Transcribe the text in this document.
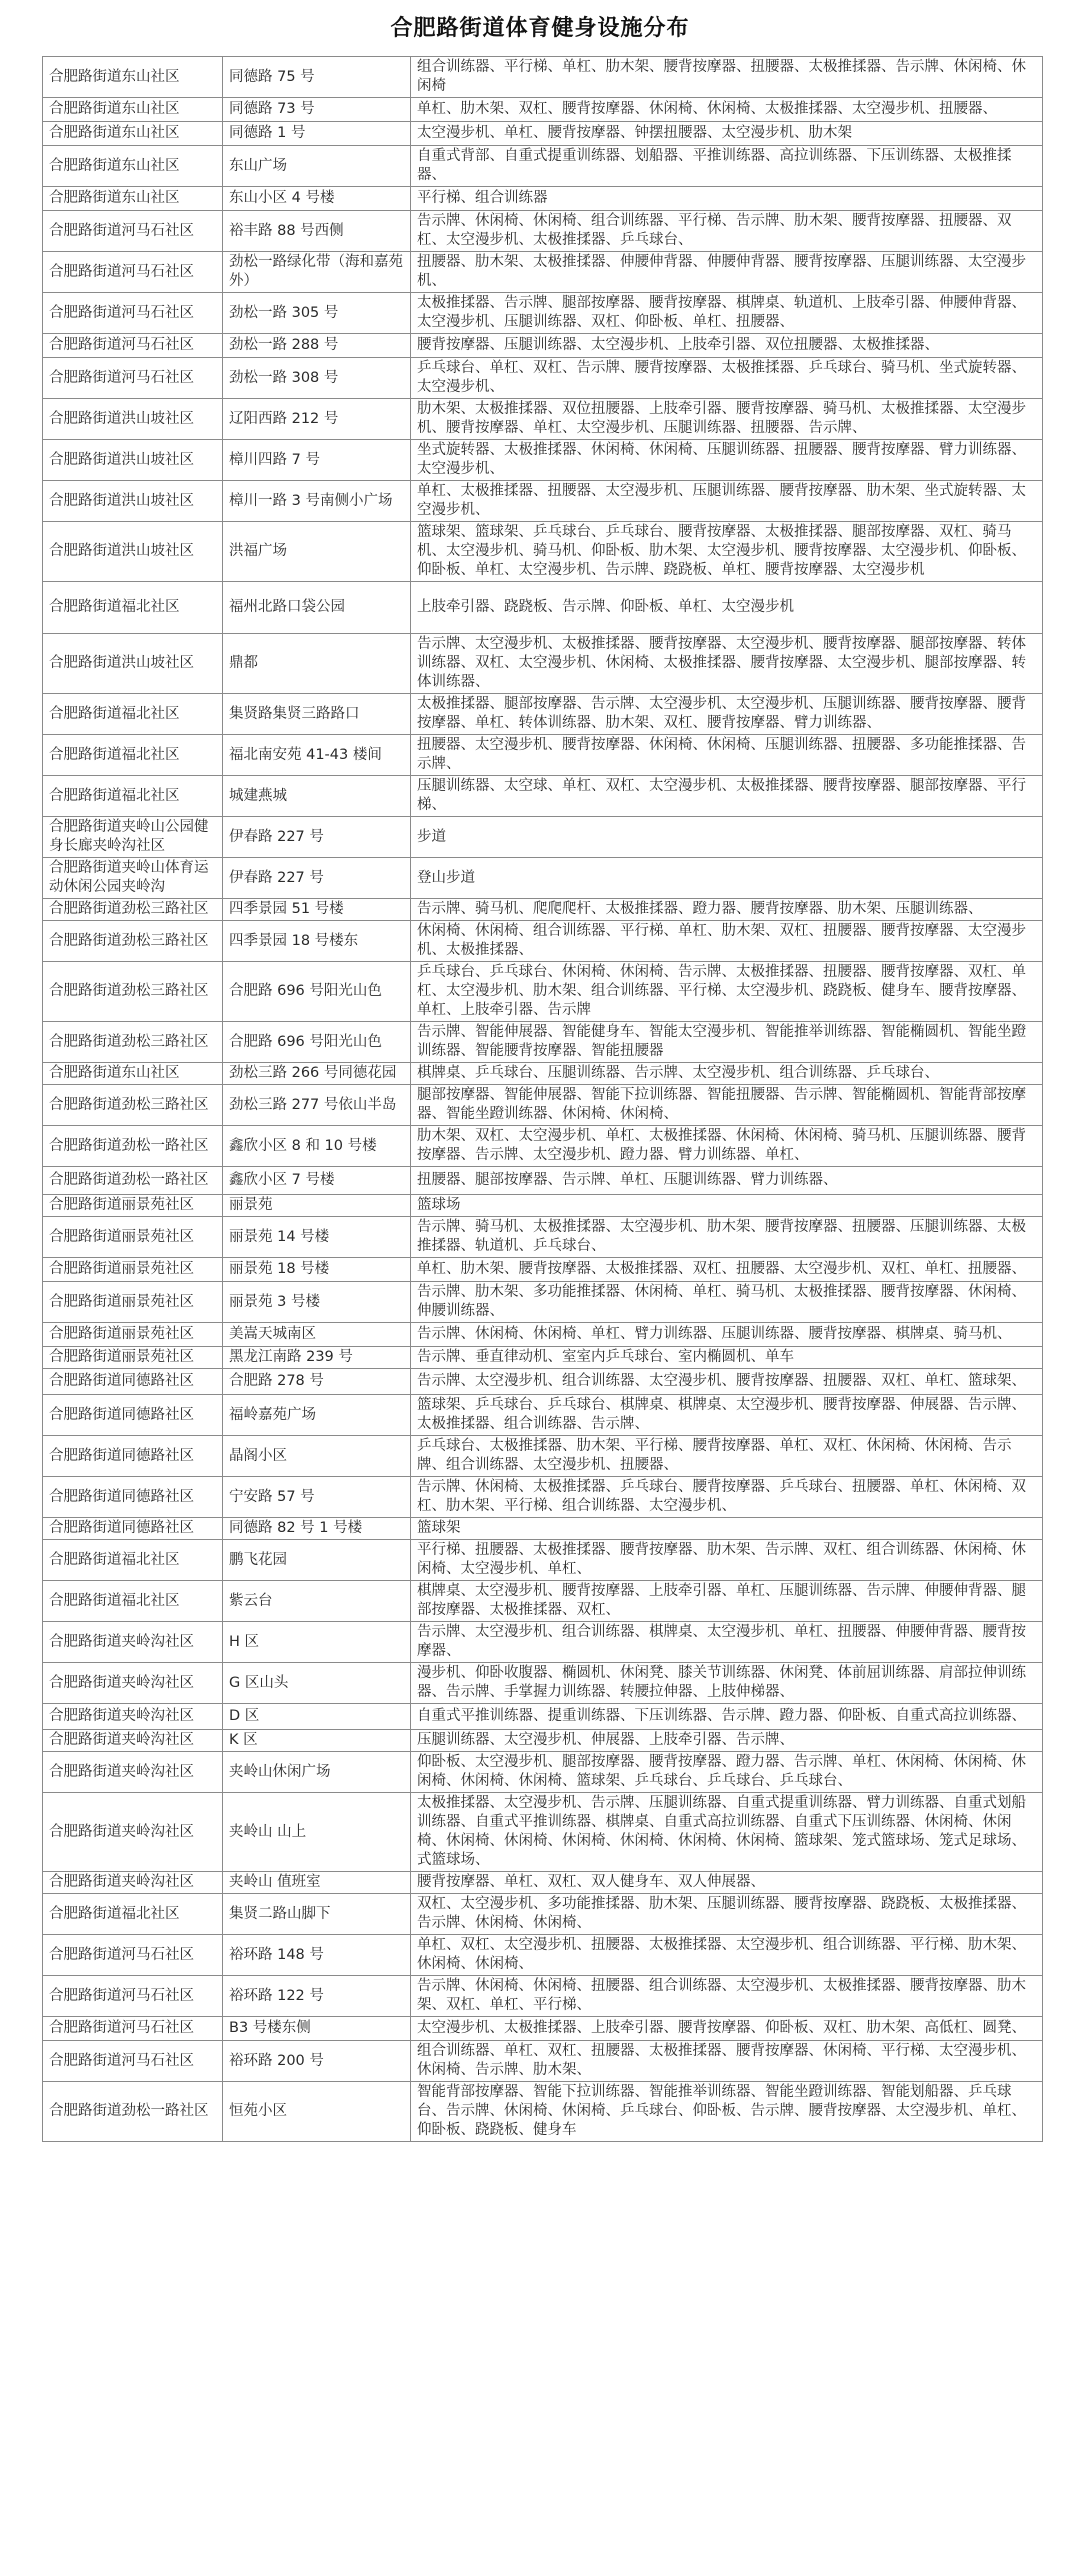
合肥路街道体育健身设施分布
合肥路街道东山社区	同德路 75 号	组合训练器、平行梯、单杠、肋木架、腰背按摩器、扭腰器、太极推揉器、告示牌、休闲椅、休闲椅
合肥路街道东山社区	同德路 73 号	单杠、肋木架、双杠、腰背按摩器、休闲椅、休闲椅、太极推揉器、太空漫步机、扭腰器、
合肥路街道东山社区	同德路 1 号	太空漫步机、单杠、腰背按摩器、钟摆扭腰器、太空漫步机、肋木架
合肥路街道东山社区	东山广场	自重式背部、自重式提重训练器、划船器、平推训练器、高拉训练器、下压训练器、太极推揉器、
合肥路街道东山社区	东山小区 4 号楼	平行梯、组合训练器
合肥路街道河马石社区	裕丰路 88 号西侧	告示牌、休闲椅、休闲椅、组合训练器、平行梯、告示牌、肋木架、腰背按摩器、扭腰器、双杠、太空漫步机、太极推揉器、乒乓球台、
合肥路街道河马石社区	劲松一路绿化带（海和嘉苑外）	扭腰器、肋木架、太极推揉器、伸腰伸背器、伸腰伸背器、腰背按摩器、压腿训练器、太空漫步机、
合肥路街道河马石社区	劲松一路 305 号	太极推揉器、告示牌、腿部按摩器、腰背按摩器、棋牌桌、轨道机、上肢牵引器、伸腰伸背器、太空漫步机、压腿训练器、双杠、仰卧板、单杠、扭腰器、
合肥路街道河马石社区	劲松一路 288 号	腰背按摩器、压腿训练器、太空漫步机、上肢牵引器、双位扭腰器、太极推揉器、
合肥路街道河马石社区	劲松一路 308 号	乒乓球台、单杠、双杠、告示牌、腰背按摩器、太极推揉器、乒乓球台、骑马机、坐式旋转器、太空漫步机、
合肥路街道洪山坡社区	辽阳西路 212 号	肋木架、太极推揉器、双位扭腰器、上肢牵引器、腰背按摩器、骑马机、太极推揉器、太空漫步机、腰背按摩器、单杠、太空漫步机、压腿训练器、扭腰器、告示牌、
合肥路街道洪山坡社区	樟川四路 7 号	坐式旋转器、太极推揉器、休闲椅、休闲椅、压腿训练器、扭腰器、腰背按摩器、臂力训练器、太空漫步机、
合肥路街道洪山坡社区	樟川一路 3 号南侧小广场	单杠、太极推揉器、扭腰器、太空漫步机、压腿训练器、腰背按摩器、肋木架、坐式旋转器、太空漫步机、
合肥路街道洪山坡社区	洪福广场	篮球架、篮球架、乒乓球台、乒乓球台、腰背按摩器、太极推揉器、腿部按摩器、双杠、骑马机、太空漫步机、骑马机、仰卧板、肋木架、太空漫步机、腰背按摩器、太空漫步机、仰卧板、仰卧板、单杠、太空漫步机、告示牌、跷跷板、单杠、腰背按摩器、太空漫步机
合肥路街道福北社区	福州北路口袋公园	上肢牵引器、跷跷板、告示牌、仰卧板、单杠、太空漫步机
合肥路街道洪山坡社区	鼎都	告示牌、太空漫步机、太极推揉器、腰背按摩器、太空漫步机、腰背按摩器、腿部按摩器、转体训练器、双杠、太空漫步机、休闲椅、太极推揉器、腰背按摩器、太空漫步机、腿部按摩器、转体训练器、
合肥路街道福北社区	集贤路集贤三路路口	太极推揉器、腿部按摩器、告示牌、太空漫步机、太空漫步机、压腿训练器、腰背按摩器、腰背按摩器、单杠、转体训练器、肋木架、双杠、腰背按摩器、臂力训练器、
合肥路街道福北社区	福北南安苑 41-43 楼间	扭腰器、太空漫步机、腰背按摩器、休闲椅、休闲椅、压腿训练器、扭腰器、多功能推揉器、告示牌、
合肥路街道福北社区	城建燕城	压腿训练器、太空球、单杠、双杠、太空漫步机、太极推揉器、腰背按摩器、腿部按摩器、平行梯、
合肥路街道夹岭山公园健身长廊夹岭沟社区	伊春路 227 号	步道
合肥路街道夹岭山体育运动休闲公园夹岭沟	伊春路 227 号	登山步道
合肥路街道劲松三路社区	四季景园 51 号楼	告示牌、骑马机、爬爬爬杆、太极推揉器、蹬力器、腰背按摩器、肋木架、压腿训练器、
合肥路街道劲松三路社区	四季景园 18 号楼东	休闲椅、休闲椅、组合训练器、平行梯、单杠、肋木架、双杠、扭腰器、腰背按摩器、太空漫步机、太极推揉器、
合肥路街道劲松三路社区	合肥路 696 号阳光山色	乒乓球台、乒乓球台、休闲椅、休闲椅、告示牌、太极推揉器、扭腰器、腰背按摩器、双杠、单杠、太空漫步机、肋木架、组合训练器、平行梯、太空漫步机、跷跷板、健身车、腰背按摩器、单杠、上肢牵引器、告示牌
合肥路街道劲松三路社区	合肥路 696 号阳光山色	告示牌、智能伸展器、智能健身车、智能太空漫步机、智能推举训练器、智能椭圆机、智能坐蹬训练器、智能腰背按摩器、智能扭腰器
合肥路街道东山社区	劲松三路 266 号同德花园	棋牌桌、乒乓球台、压腿训练器、告示牌、太空漫步机、组合训练器、乒乓球台、
合肥路街道劲松三路社区	劲松三路 277 号依山半岛	腿部按摩器、智能伸展器、智能下拉训练器、智能扭腰器、告示牌、智能椭圆机、智能背部按摩器、智能坐蹬训练器、休闲椅、休闲椅、
合肥路街道劲松一路社区	鑫欣小区 8 和 10 号楼	肋木架、双杠、太空漫步机、单杠、太极推揉器、休闲椅、休闲椅、骑马机、压腿训练器、腰背按摩器、告示牌、太空漫步机、蹬力器、臂力训练器、单杠、
合肥路街道劲松一路社区	鑫欣小区 7 号楼	扭腰器、腿部按摩器、告示牌、单杠、压腿训练器、臂力训练器、
合肥路街道丽景苑社区	丽景苑	篮球场
合肥路街道丽景苑社区	丽景苑 14 号楼	告示牌、骑马机、太极推揉器、太空漫步机、肋木架、腰背按摩器、扭腰器、压腿训练器、太极推揉器、轨道机、乒乓球台、
合肥路街道丽景苑社区	丽景苑 18 号楼	单杠、肋木架、腰背按摩器、太极推揉器、双杠、扭腰器、太空漫步机、双杠、单杠、扭腰器、
合肥路街道丽景苑社区	丽景苑 3 号楼	告示牌、肋木架、多功能推揉器、休闲椅、单杠、骑马机、太极推揉器、腰背按摩器、休闲椅、伸腰训练器、
合肥路街道丽景苑社区	美嵩天城南区	告示牌、休闲椅、休闲椅、单杠、臂力训练器、压腿训练器、腰背按摩器、棋牌桌、骑马机、
合肥路街道丽景苑社区	黑龙江南路 239 号	告示牌、垂直律动机、室室内乒乓球台、室内椭圆机、单车
合肥路街道同德路社区	合肥路 278 号	告示牌、太空漫步机、组合训练器、太空漫步机、腰背按摩器、扭腰器、双杠、单杠、篮球架、
合肥路街道同德路社区	福岭嘉苑广场	篮球架、乒乓球台、乒乓球台、棋牌桌、棋牌桌、太空漫步机、腰背按摩器、伸展器、告示牌、太极推揉器、组合训练器、告示牌、
合肥路街道同德路社区	晶阁小区	乒乓球台、太极推揉器、肋木架、平行梯、腰背按摩器、单杠、双杠、休闲椅、休闲椅、告示牌、组合训练器、太空漫步机、扭腰器、
合肥路街道同德路社区	宁安路 57 号	告示牌、休闲椅、太极推揉器、乒乓球台、腰背按摩器、乒乓球台、扭腰器、单杠、休闲椅、双杠、肋木架、平行梯、组合训练器、太空漫步机、
合肥路街道同德路社区	同德路 82 号 1 号楼	篮球架
合肥路街道福北社区	鹏飞花园	平行梯、扭腰器、太极推揉器、腰背按摩器、肋木架、告示牌、双杠、组合训练器、休闲椅、休闲椅、太空漫步机、单杠、
合肥路街道福北社区	紫云台	棋牌桌、太空漫步机、腰背按摩器、上肢牵引器、单杠、压腿训练器、告示牌、伸腰伸背器、腿部按摩器、太极推揉器、双杠、
合肥路街道夹岭沟社区	H 区	告示牌、太空漫步机、组合训练器、棋牌桌、太空漫步机、单杠、扭腰器、伸腰伸背器、腰背按摩器、
合肥路街道夹岭沟社区	G 区山头	漫步机、仰卧收腹器、椭圆机、休闲凳、膝关节训练器、休闲凳、体前屈训练器、肩部拉伸训练器、告示牌、手掌握力训练器、转腰拉伸器、上肢伸梯器、
合肥路街道夹岭沟社区	D 区	自重式平推训练器、提重训练器、下压训练器、告示牌、蹬力器、仰卧板、自重式高拉训练器、
合肥路街道夹岭沟社区	K 区	压腿训练器、太空漫步机、伸展器、上肢牵引器、告示牌、
合肥路街道夹岭沟社区	夹岭山休闲广场	仰卧板、太空漫步机、腿部按摩器、腰背按摩器、蹬力器、告示牌、单杠、休闲椅、休闲椅、休闲椅、休闲椅、休闲椅、篮球架、乒乓球台、乒乓球台、乒乓球台、
合肥路街道夹岭沟社区	夹岭山 山上	太极推揉器、太空漫步机、告示牌、压腿训练器、自重式提重训练器、臂力训练器、自重式划船训练器、自重式平推训练器、棋牌桌、自重式高拉训练器、自重式下压训练器、休闲椅、休闲椅、休闲椅、休闲椅、休闲椅、休闲椅、休闲椅、休闲椅、篮球架、笼式篮球场、笼式足球场、式篮球场、
合肥路街道夹岭沟社区	夹岭山 值班室	腰背按摩器、单杠、双杠、双人健身车、双人伸展器、
合肥路街道福北社区	集贤二路山脚下	双杠、太空漫步机、多功能推揉器、肋木架、压腿训练器、腰背按摩器、跷跷板、太极推揉器、告示牌、休闲椅、休闲椅、
合肥路街道河马石社区	裕环路 148 号	单杠、双杠、太空漫步机、扭腰器、太极推揉器、太空漫步机、组合训练器、平行梯、肋木架、休闲椅、休闲椅、
合肥路街道河马石社区	裕环路 122 号	告示牌、休闲椅、休闲椅、扭腰器、组合训练器、太空漫步机、太极推揉器、腰背按摩器、肋木架、双杠、单杠、平行梯、
合肥路街道河马石社区	B3 号楼东侧	太空漫步机、太极推揉器、上肢牵引器、腰背按摩器、仰卧板、双杠、肋木架、高低杠、圆凳、
合肥路街道河马石社区	裕环路 200 号	组合训练器、单杠、双杠、扭腰器、太极推揉器、腰背按摩器、休闲椅、平行梯、太空漫步机、休闲椅、告示牌、肋木架、
合肥路街道劲松一路社区	恒苑小区	智能背部按摩器、智能下拉训练器、智能推举训练器、智能坐蹬训练器、智能划船器、乒乓球台、告示牌、休闲椅、休闲椅、乒乓球台、仰卧板、告示牌、腰背按摩器、太空漫步机、单杠、仰卧板、跷跷板、健身车
